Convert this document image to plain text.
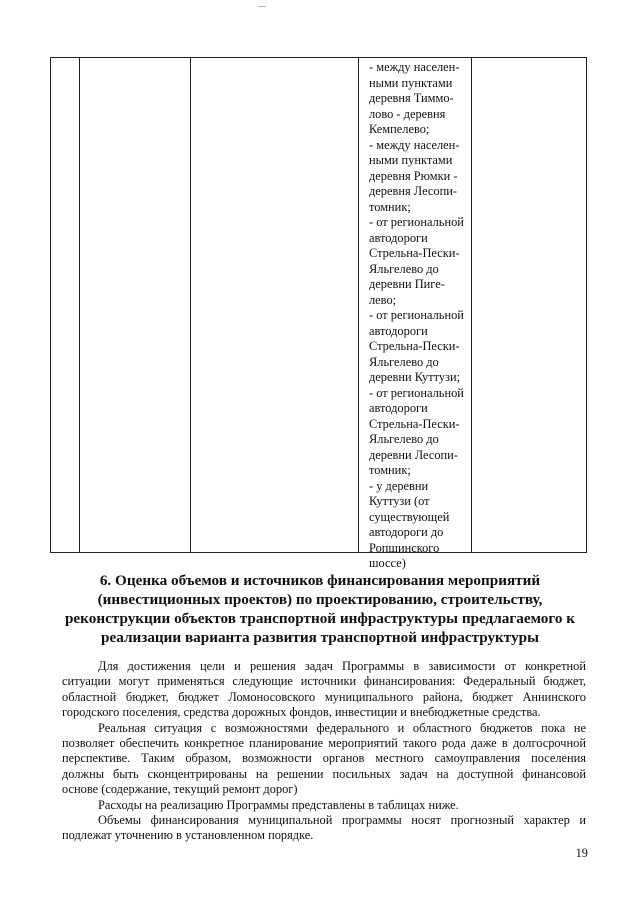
- между населен-
ными пунктами
деревня Тиммо-
лово - деревня
Кемпелево;
- между населен-
ными пунктами
деревня Рюмки -
деревня Лесопи-
томник;
- от региональной
автодороги
Стрельна-Пески-
Яльгелево до
деревни Пиге-
лево;
- от региональной
автодороги
Стрельна-Пески-
Яльгелево до
деревни Куттузи;
- от региональной
автодороги
Стрельна-Пески-
Яльгелево до
деревни Лесопи-
томник;
- у деревни
Куттузи (от
существующей
автодороги до
Ропшинского
шоссе)
6. Оценка объемов и источников финансирования мероприятий
(инвестиционных проектов) по проектированию, строительству,
реконструкции объектов транспортной инфраструктуры предлагаемого к
реализации варианта развития транспортной инфраструктуры

Для достижения цели и решения задач Программы в зависимости от конкретной
ситуации могут применяться следующие источники финансирования: Федеральный бюджет,
областной бюджет, бюджет Ломоносовского муниципального района, бюджет Аннинского
городского поселения, средства дорожных фондов, инвестиции и внебюджетные средства.

Реальная ситуация с возможностями федерального и областного бюджетов пока не
позволяет обеспечить конкретное планирование мероприятий такого рода даже в долгосрочной
перспективе. Таким образом, возможности органов местного самоуправления поселения
должны быть сконцентрированы на решении посильных задач на доступной финансовой
основе (содержание, текущий ремонт дорог)

Расходы на реализацию Программы представлены в таблицах ниже.

Объемы финансирования муниципальной программы носят прогнозный характер и
подлежат уточнению в установленном порядке.

19
